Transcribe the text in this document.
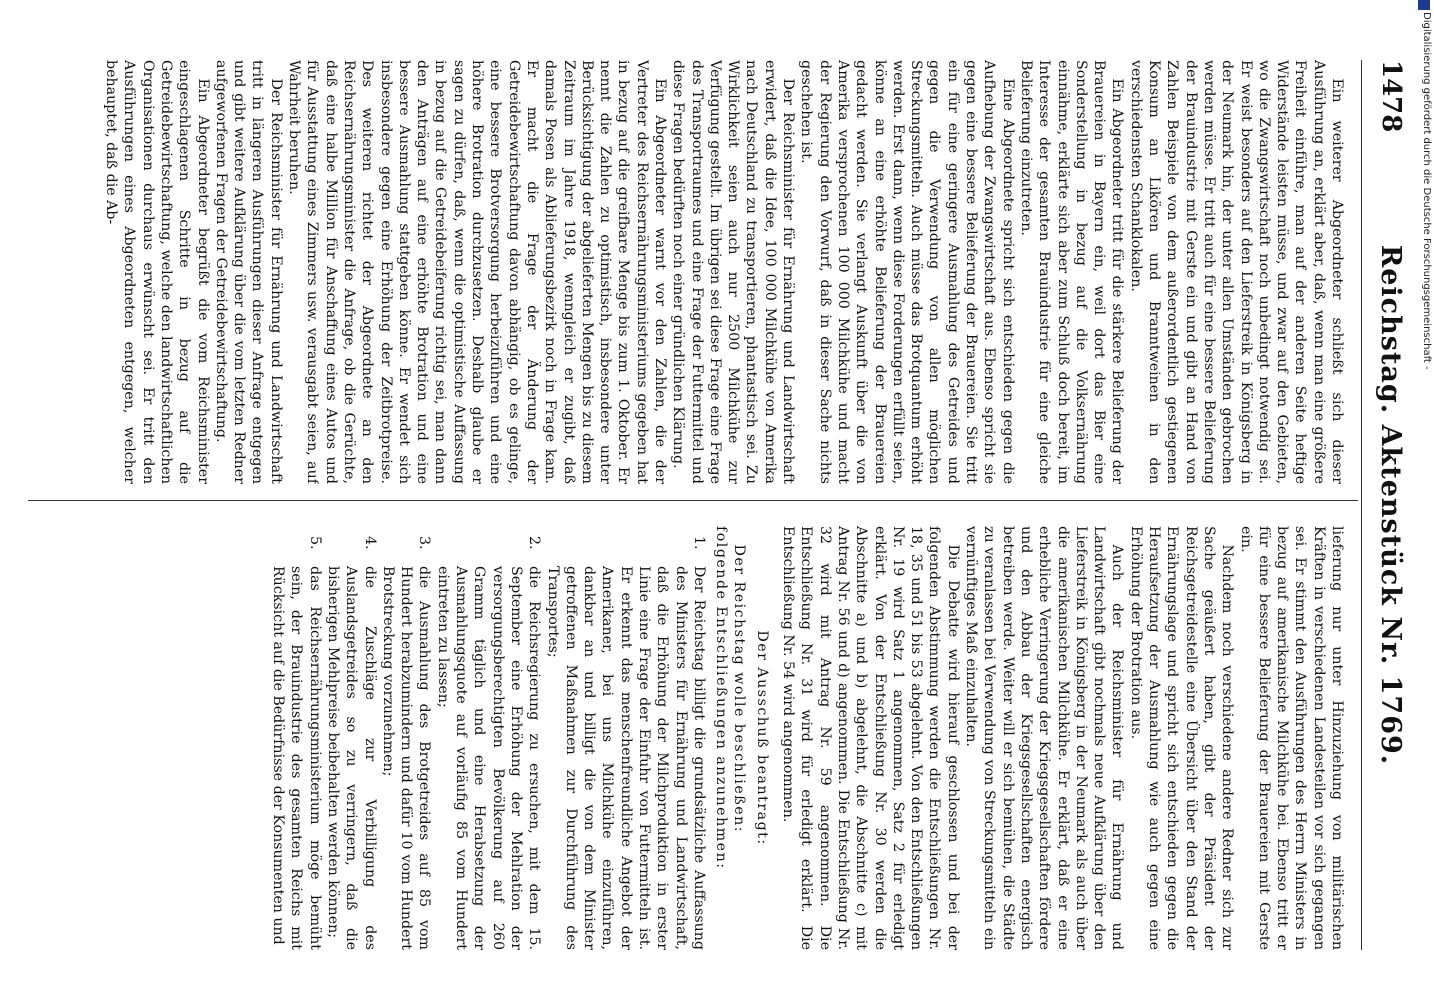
Reichstag. Aktenstück Nr. 1769.
1478

Ein weiterer Abgeordneter schließt sich dieser Ausführung an, erklärt aber, daß, wenn man eine größere Freiheit einführe, man auf der anderen Seite heftige Widerstände leisten müsse, und zwar auf den Gebieten, wo die Zwangswirtschaft noch unbedingt notwendig sei. Er weist besonders auf den Lieferstreik in Königsberg in der Neumark hin, der unter allen Umständen gebrochen werden müsse. Er tritt auch für eine bessere Belieferung der Brauindustrie mit Gerste ein und gibt an Hand von Zahlen Beispiele von dem außerordentlich gestiegenen Konsum an Likören und Branntweinen in den verschiedensten Schanklokalen.

Ein Abgeordneter tritt für die stärkere Belieferung der Brauereien in Bayern ein, weil dort das Bier eine Sonderstellung in bezug auf die Volksernährung einnähme, erklärte sich aber zum Schluß doch bereit, im Interesse der gesamten Brauindustrie für eine gleiche Belieferung einzutreten.

Eine Abgeordnete spricht sich entschieden gegen die Aufhebung der Zwangswirtschaft aus. Ebenso spricht sie gegen eine bessere Belieferung der Brauereien. Sie tritt ein für eine geringere Ausmahlung des Getreides und gegen die Verwendung von allen möglichen Streckungsmitteln. Auch müsse das Brotquantum erhöht werden. Erst dann, wenn diese Forderungen erfüllt seien, könne an eine erhöhte Belieferung der Brauereien gedacht werden. Sie verlangt Auskunft über die von Amerika versprochenen 100 000 Milchkühe und macht der Regierung den Vorwurf, daß in dieser Sache nichts geschehen ist.

Der Reichsminister für Ernährung und Landwirtschaft erwidert, daß die Idee, 100 000 Milchkühe von Amerika nach Deutschland zu transportieren, phantastisch sei. Zu Wirklichkeit seien auch nur 2500 Milchkühe zur Verfügung gestellt. Im übrigen sei diese Frage eine Frage des Transportraumes und eine Frage der Futtermittel und diese Fragen bedürften noch einer gründlichen Klärung.

Ein Abgeordneter warnt vor den Zahlen, die der Vertreter des Reichsernährungsministeriums gegeben hat in bezug auf die greifbare Menge bis zum 1. Oktober. Er nennt die Zahlen zu optimistisch, insbesondere unter Berücksichtigung der abgelieferten Mengen bis zu diesem Zeitraum im Jahre 1918, wenngleich er zugibt, daß damals Posen als Ablieferungsbezirk noch in Frage kam. Er macht die Frage der Änderung der Getreidebewirtschaftung davon abhängig, ob es gelinge, eine bessere Brotversorgung herbeizuführen und eine höhere Brotration durchzusetzen. Deshalb glaube er sagen zu dürfen, daß, wenn die optimistische Auffassung in bezug auf die Getreidebeiferung richtig sei, man dann den Anträgen auf eine erhöhte Brotration und eine bessere Ausmahlung stattgeben könne. Er wendet sich insbesondere gegen eine Erhöhung der Zeitbrotpreise. Des weiteren richtet der Abgeordnete an den Reichsernährungsminister die Anfrage, ob die Gerüchte, daß eine halbe Million für Anschaffung eines Autos und für Ausstattung eines Zimmers usw. verausgabt seien, auf Wahrheit beruhen.

Der Reichsminister für Ernährung und Landwirtschaft tritt in längeren Ausführungen dieser Anfrage entgegen und gibt weitere Aufklärung über die vom letzten Redner aufgeworfenen Fragen der Getreidebewirtschaftung.

Ein Abgeordneter begrüßt die vom Reichsminister eingeschlagenen Schritte in bezug auf die Getreidebewirtschaftung, welche den landwirtschaftlichen Organisationen durchaus erwünscht sei. Er tritt den Ausführungen eines Abgeordneten entgegen, welcher behauptet, daß die Ab-

lieferung nur unter Hinzuziehung von militärischen Kräften in verschiedenen Landesteilen vor sich gegangen sei. Er stimmt den Ausführungen des Herrn Ministers in bezug auf amerikanische Milchkühe bei. Ebenso tritt er für eine bessere Belieferung der Brauereien mit Gerste ein.

Nachdem noch verschiedene andere Redner sich zur Sache geäußert haben, gibt der Präsident der Reichsgetreidestelle eine Übersicht über den Stand der Ernährungslage und spricht sich entschieden gegen die Heraufsetzung der Ausmahlung wie auch gegen eine Erhöhung der Brotration aus.

Auch der Reichsminister für Ernährung und Landwirtschaft gibt nochmals neue Aufklärung über den Lieferstreik in Königsberg in der Neumark als auch über die amerikanischen Milchkühe. Er erklärt, daß er eine erhebliche Verringerung der Kriegsgesellschaften fördere und den Abbau der Kriegsgesellschaften energisch betreiben werde. Weiter will er sich bemühen, die Städte zu veranlassen bei Verwendung von Streckungsmitteln ein vernünftiges Maß einzuhalten.

Die Debatte wird hierauf geschlossen und bei der folgenden Abstimmung werden die Entschließungen Nr. 18, 35 und 51 bis 53 abgelehnt. Von den Entschließungen Nr. 19 wird Satz 1 angenommen, Satz 2 für erledigt erklärt. Von der Entschließung Nr. 30 werden die Abschnitte a) und b) abgelehnt, die Abschnitte c) mit Antrag Nr. 56 und d) angenommen. Die Entschließung Nr. 32 wird mit Antrag Nr. 59 angenommen. Die Entschließung Nr. 31 wird für erledigt erklärt. Die Entschließung Nr. 54 wird angenommen.

Der Ausschuß beantragt:

Der Reichstag wolle beschließen:

folgende Entschließungen anzunehmen:

1.
Der Reichstag billigt die grundsätzliche Auffassung des Ministers für Ernährung und Landwirtschaft, daß die Erhöhung der Milchproduktion in erster Linie eine Frage der Einfuhr von Futtermitteln ist. Er erkennt das menschenfreundliche Angebot der Amerikaner, bei uns Milchkühe einzuführen, dankbar an und billigt die von dem Minister getroffenen Maßnahmen zur Durchführung des Transportes;
2.
die Reichsregierung zu ersuchen, mit dem 15. September eine Erhöhung der Mehlration der versorgungsberechtigten Bevölkerung auf 260 Gramm täglich und eine Herabsetzung der Ausmahlungsquote auf vorläufig 85 vom Hundert eintreten zu lassen;
3.
die Ausmahlung des Brotgetreides auf 85 vom Hundert herabzumindern und dafür 10 vom Hundert Brotstreckung vorzunehmen;
4.
die Zuschläge zur Verbilligung des Auslandsgetreides so zu verringern, daß die bisherigen Mehlpreise beibehalten werden können;
5.
das Reichsernährungsministerium möge bemüht sein, der Brauindustrie des gesamten Reichs mit Rücksicht auf die Bedürfnisse der Konsumenten und
Digitalisierung gefördert durch die Deutsche Forschungsgemeinschaft -
